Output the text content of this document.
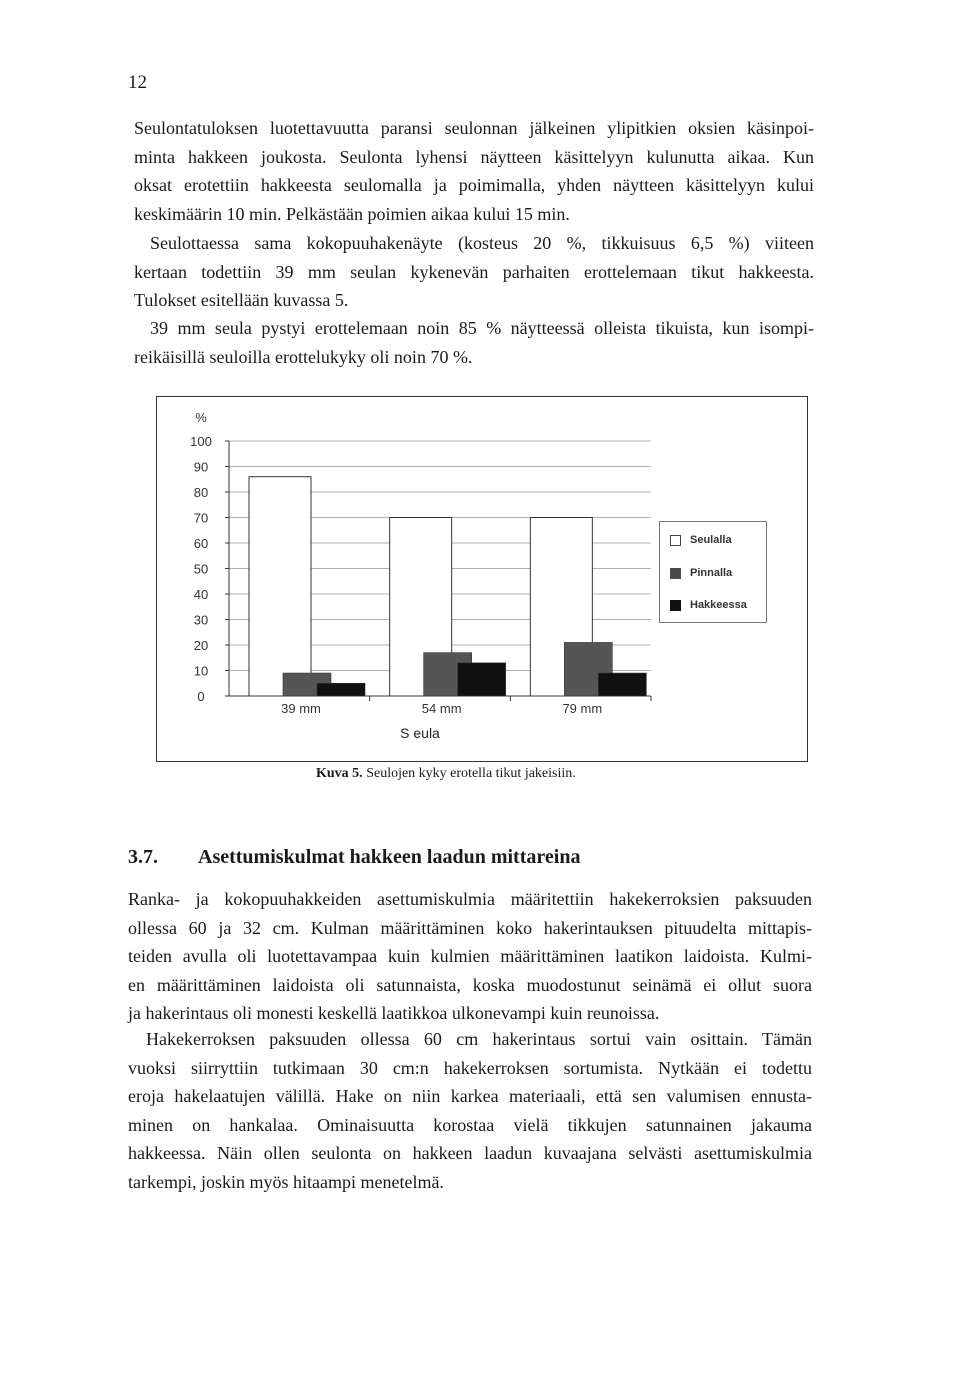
12

Seulontatuloksen luotettavuutta paransi seulonnan jälkeinen ylipitkien oksien käsinpoi-
minta hakkeen joukosta. Seulonta lyhensi näytteen käsittelyyn kulunutta aikaa. Kun
oksat erotettiin hakkeesta seulomalla ja poimimalla, yhden näytteen käsittelyyn kului
keskimäärin 10 min. Pelkästään poimien aikaa kului 15 min.

Seulottaessa sama kokopuuhakenäyte (kosteus 20 %, tikkuisuus 6,5 %) viiteen
kertaan todettiin 39 mm seulan kykenevän parhaiten erottelemaan tikut hakkeesta.
Tulokset esitellään kuvassa 5.

39 mm seula pystyi erottelemaan noin 85 % näytteessä olleista tikuista, kun isompi-
reikäisillä seuloilla erottelukyky oli noin 70 %.

100
90
80
70
60
50
40
30
20
10
0
%
39 mm	54 mm	79 mm
S eula
Seulalla
Pinnalla
Hakkeessa
Kuva 5. Seulojen kyky erotella tikut jakeisiin.
3.7. Asettumiskulmat hakkeen laadun mittareina

Ranka- ja kokopuuhakkeiden asettumiskulmia määritettiin hakekerroksien paksuuden
ollessa 60 ja 32 cm. Kulman määrittäminen koko hakerintauksen pituudelta mittapis-
teiden avulla oli luotettavampaa kuin kulmien määrittäminen laatikon laidoista. Kulmi-
en määrittäminen laidoista oli satunnaista, koska muodostunut seinämä ei ollut suora
ja hakerintaus oli monesti keskellä laatikkoa ulkonevampi kuin reunoissa.

Hakekerroksen paksuuden ollessa 60 cm hakerintaus sortui vain osittain. Tämän
vuoksi siirryttiin tutkimaan 30 cm:n hakekerroksen sortumista. Nytkään ei todettu
eroja hakelaatujen välillä. Hake on niin karkea materiaali, että sen valumisen ennusta-
minen on hankalaa. Ominaisuutta korostaa vielä tikkujen satunnainen jakauma
hakkeessa. Näin ollen seulonta on hakkeen laadun kuvaajana selvästi asettumiskulmia
tarkempi, joskin myös hitaampi menetelmä.
